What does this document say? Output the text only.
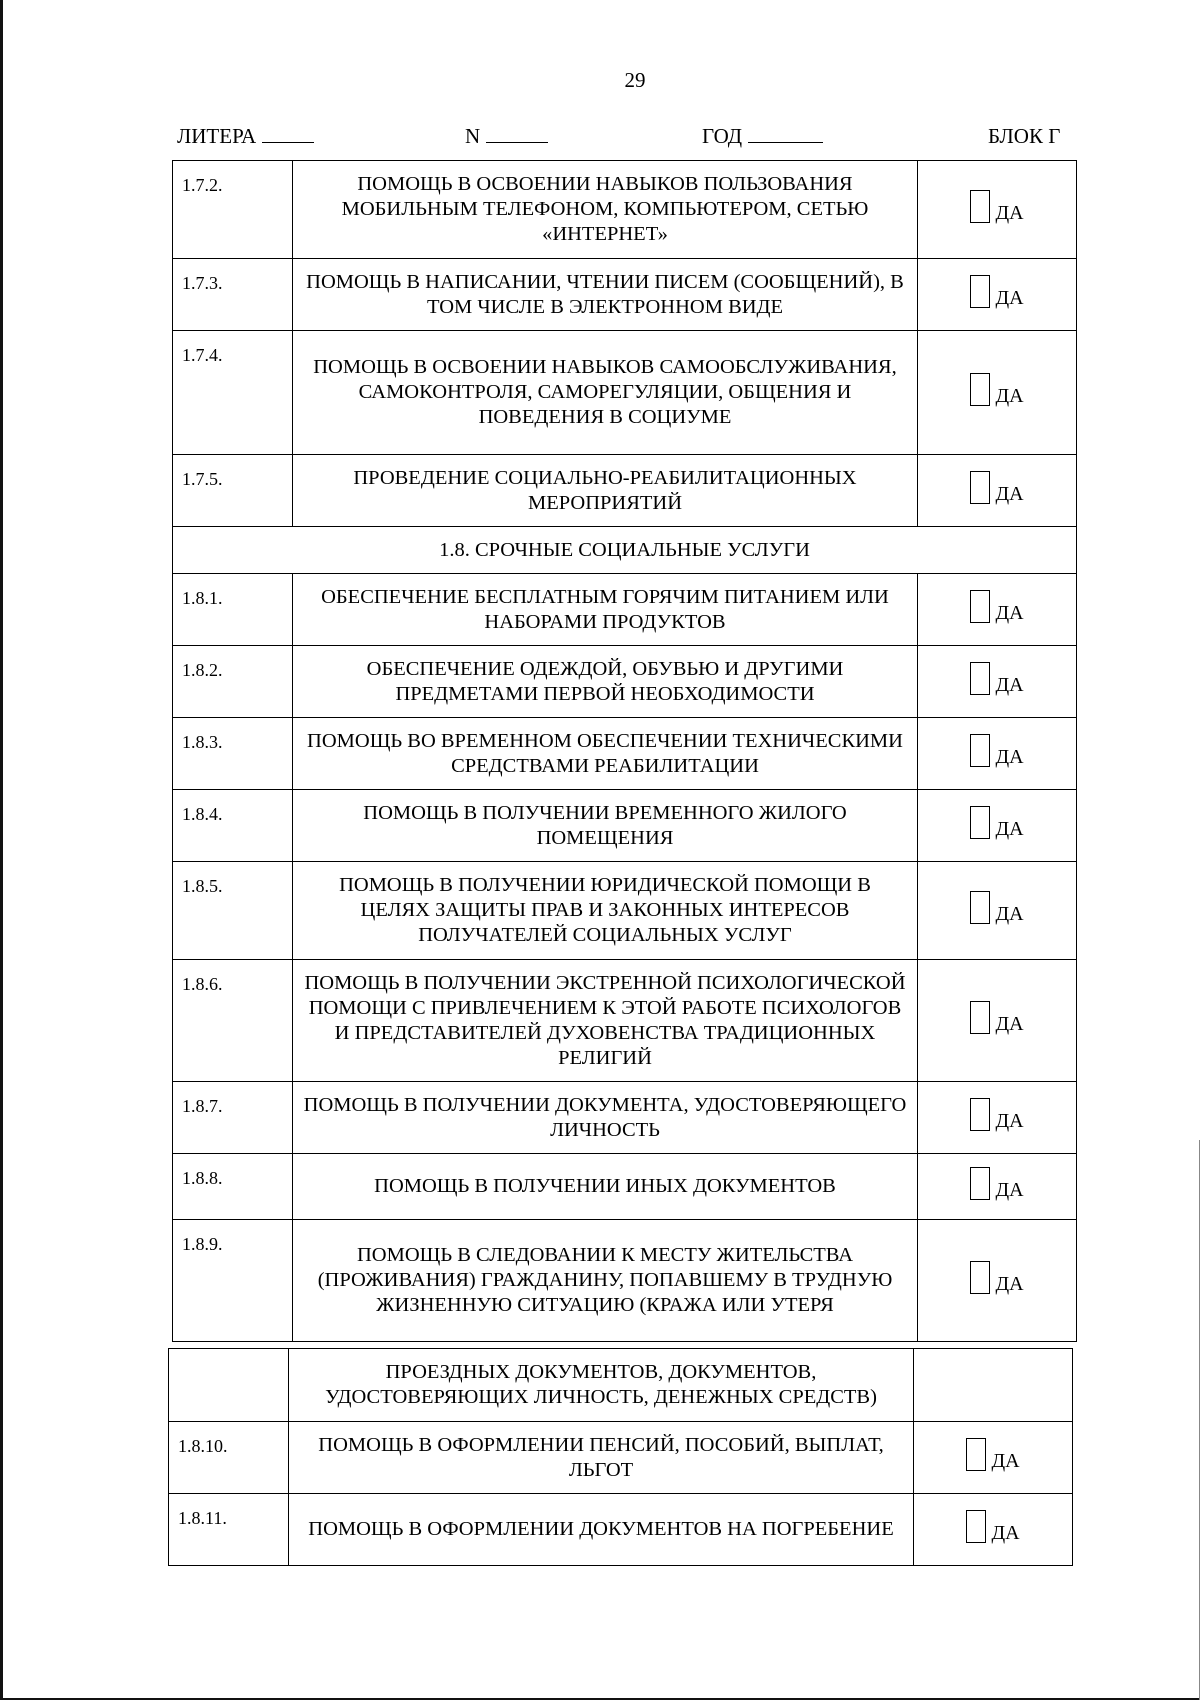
29
ЛИТЕРА	N	ГОД	БЛОК Г
1.7.2.	ПОМОЩЬ В ОСВОЕНИИ НАВЫКОВ ПОЛЬЗОВАНИЯ МОБИЛЬНЫМ ТЕЛЕФОНОМ, КОМПЬЮТЕРОМ, СЕТЬЮ «ИНТЕРНЕТ»	ДА

1.7.3.	ПОМОЩЬ В НАПИСАНИИ, ЧТЕНИИ ПИСЕМ (СООБЩЕНИЙ), В ТОМ ЧИСЛЕ В ЭЛЕКТРОННОМ ВИДЕ	ДА

1.7.4.	ПОМОЩЬ В ОСВОЕНИИ НАВЫКОВ САМООБСЛУЖИВАНИЯ, САМОКОНТРОЛЯ, САМОРЕГУЛЯЦИИ, ОБЩЕНИЯ И ПОВЕДЕНИЯ В СОЦИУМЕ	ДА

1.7.5.	ПРОВЕДЕНИЕ СОЦИАЛЬНО-РЕАБИЛИТАЦИОННЫХ МЕРОПРИЯТИЙ	ДА

1.8. СРОЧНЫЕ СОЦИАЛЬНЫЕ УСЛУГИ		
1.8.1.	ОБЕСПЕЧЕНИЕ БЕСПЛАТНЫМ ГОРЯЧИМ ПИТАНИЕМ ИЛИ НАБОРАМИ ПРОДУКТОВ	ДА

1.8.2.	ОБЕСПЕЧЕНИЕ ОДЕЖДОЙ, ОБУВЬЮ И ДРУГИМИ ПРЕДМЕТАМИ ПЕРВОЙ НЕОБХОДИМОСТИ	ДА

1.8.3.	ПОМОЩЬ ВО ВРЕМЕННОМ ОБЕСПЕЧЕНИИ ТЕХНИЧЕСКИМИ СРЕДСТВАМИ РЕАБИЛИТАЦИИ	ДА

1.8.4.	ПОМОЩЬ В ПОЛУЧЕНИИ ВРЕМЕННОГО ЖИЛОГО ПОМЕЩЕНИЯ	ДА

1.8.5.	ПОМОЩЬ В ПОЛУЧЕНИИ ЮРИДИЧЕСКОЙ ПОМОЩИ В ЦЕЛЯХ ЗАЩИТЫ ПРАВ И ЗАКОННЫХ ИНТЕРЕСОВ ПОЛУЧАТЕЛЕЙ СОЦИАЛЬНЫХ УСЛУГ	ДА

1.8.6.	ПОМОЩЬ В ПОЛУЧЕНИИ ЭКСТРЕННОЙ ПСИХОЛОГИЧЕСКОЙ ПОМОЩИ С ПРИВЛЕЧЕНИЕМ К ЭТОЙ РАБОТЕ ПСИХОЛОГОВ И ПРЕДСТАВИТЕЛЕЙ ДУХОВЕНСТВА ТРАДИЦИОННЫХ РЕЛИГИЙ	ДА

1.8.7.	ПОМОЩЬ В ПОЛУЧЕНИИ ДОКУМЕНТА, УДОСТОВЕРЯЮЩЕГО ЛИЧНОСТЬ	ДА

1.8.8.	ПОМОЩЬ В ПОЛУЧЕНИИ ИНЫХ ДОКУМЕНТОВ	ДА

1.8.9.	ПОМОЩЬ В СЛЕДОВАНИИ К МЕСТУ ЖИТЕЛЬСТВА (ПРОЖИВАНИЯ) ГРАЖДАНИНУ, ПОПАВШЕМУ В ТРУДНУЮ ЖИЗНЕННУЮ СИТУАЦИЮ (КРАЖА ИЛИ УТЕРЯ	ДА
	ПРОЕЗДНЫХ ДОКУМЕНТОВ, ДОКУМЕНТОВ, УДОСТОВЕРЯЮЩИХ ЛИЧНОСТЬ, ДЕНЕЖНЫХ СРЕДСТВ)	
1.8.10.	ПОМОЩЬ В ОФОРМЛЕНИИ ПЕНСИЙ, ПОСОБИЙ, ВЫПЛАТ, ЛЬГОТ	ДА

1.8.11.	ПОМОЩЬ В ОФОРМЛЕНИИ ДОКУМЕНТОВ НА ПОГРЕБЕНИЕ	ДА
